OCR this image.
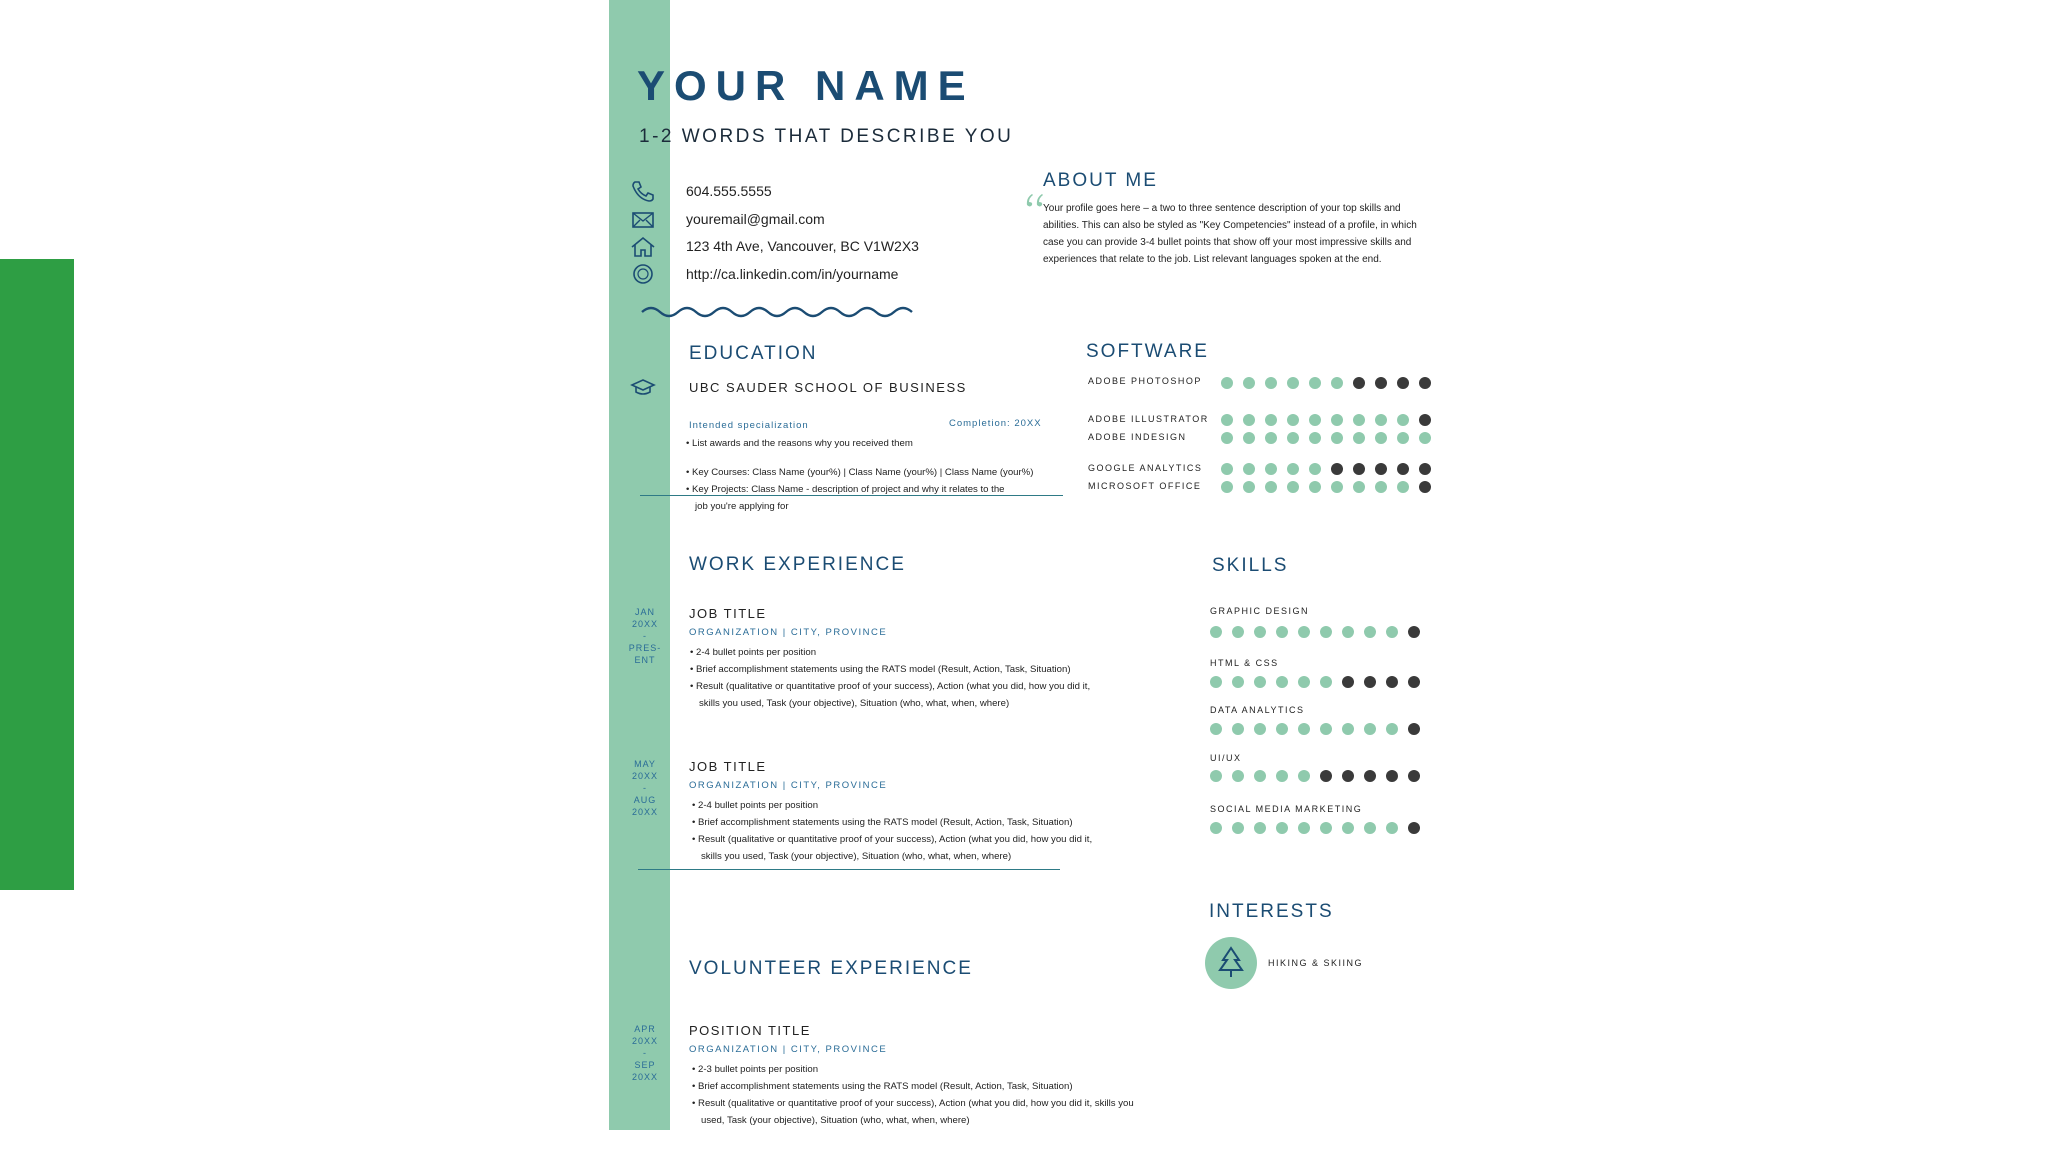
YOUR NAME
1-2 WORDS THAT DESCRIBE YOU
604.555.5555
youremail@gmail.com
123 4th Ave, Vancouver, BC V1W2X3
http://ca.linkedin.com/in/yourname
ABOUT ME
Your profile goes here – a two to three sentence description of your top skills and
abilities. This can also be styled as "Key Competencies" instead of a profile, in which
case you can provide 3-4 bullet points that show off your most impressive skills and
experiences that relate to the job. List relevant languages spoken at the end.
EDUCATION
UBC SAUDER SCHOOL OF BUSINESS
Intended specialization	Completion: 20XX
• List awards and the reasons why you received them
• Key Courses: Class Name (your%) | Class Name (your%) | Class Name (your%)
• Key Projects: Class Name - description of project and why it relates to the
job you're applying for
SOFTWARE
ADOBE PHOTOSHOP
ADOBE ILLUSTRATOR
ADOBE INDESIGN
GOOGLE ANALYTICS
MICROSOFT OFFICE
WORK EXPERIENCE
JAN
20XX
-
PRES-
ENT
JOB TITLE
ORGANIZATION | CITY, PROVINCE
• 2-4 bullet points per position
• Brief accomplishment statements using the RATS model (Result, Action, Task, Situation)
• Result (qualitative or quantitative proof of your success), Action (what you did, how you did it,
skills you used, Task (your objective), Situation (who, what, when, where)
MAY
20XX
-
AUG
20XX
JOB TITLE
ORGANIZATION | CITY, PROVINCE
• 2-4 bullet points per position
• Brief accomplishment statements using the RATS model (Result, Action, Task, Situation)
• Result (qualitative or quantitative proof of your success), Action (what you did, how you did it,
skills you used, Task (your objective), Situation (who, what, when, where)
VOLUNTEER EXPERIENCE
APR
20XX
-
SEP
20XX
POSITION TITLE
ORGANIZATION | CITY, PROVINCE
• 2-3 bullet points per position
• Brief accomplishment statements using the RATS model (Result, Action, Task, Situation)
• Result (qualitative or quantitative proof of your success), Action (what you did, how you did it, skills you
used, Task (your objective), Situation (who, what, when, where)
SKILLS
GRAPHIC DESIGN
HTML & CSS
DATA ANALYTICS
UI/UX
SOCIAL MEDIA MARKETING
INTERESTS
HIKING & SKIING
